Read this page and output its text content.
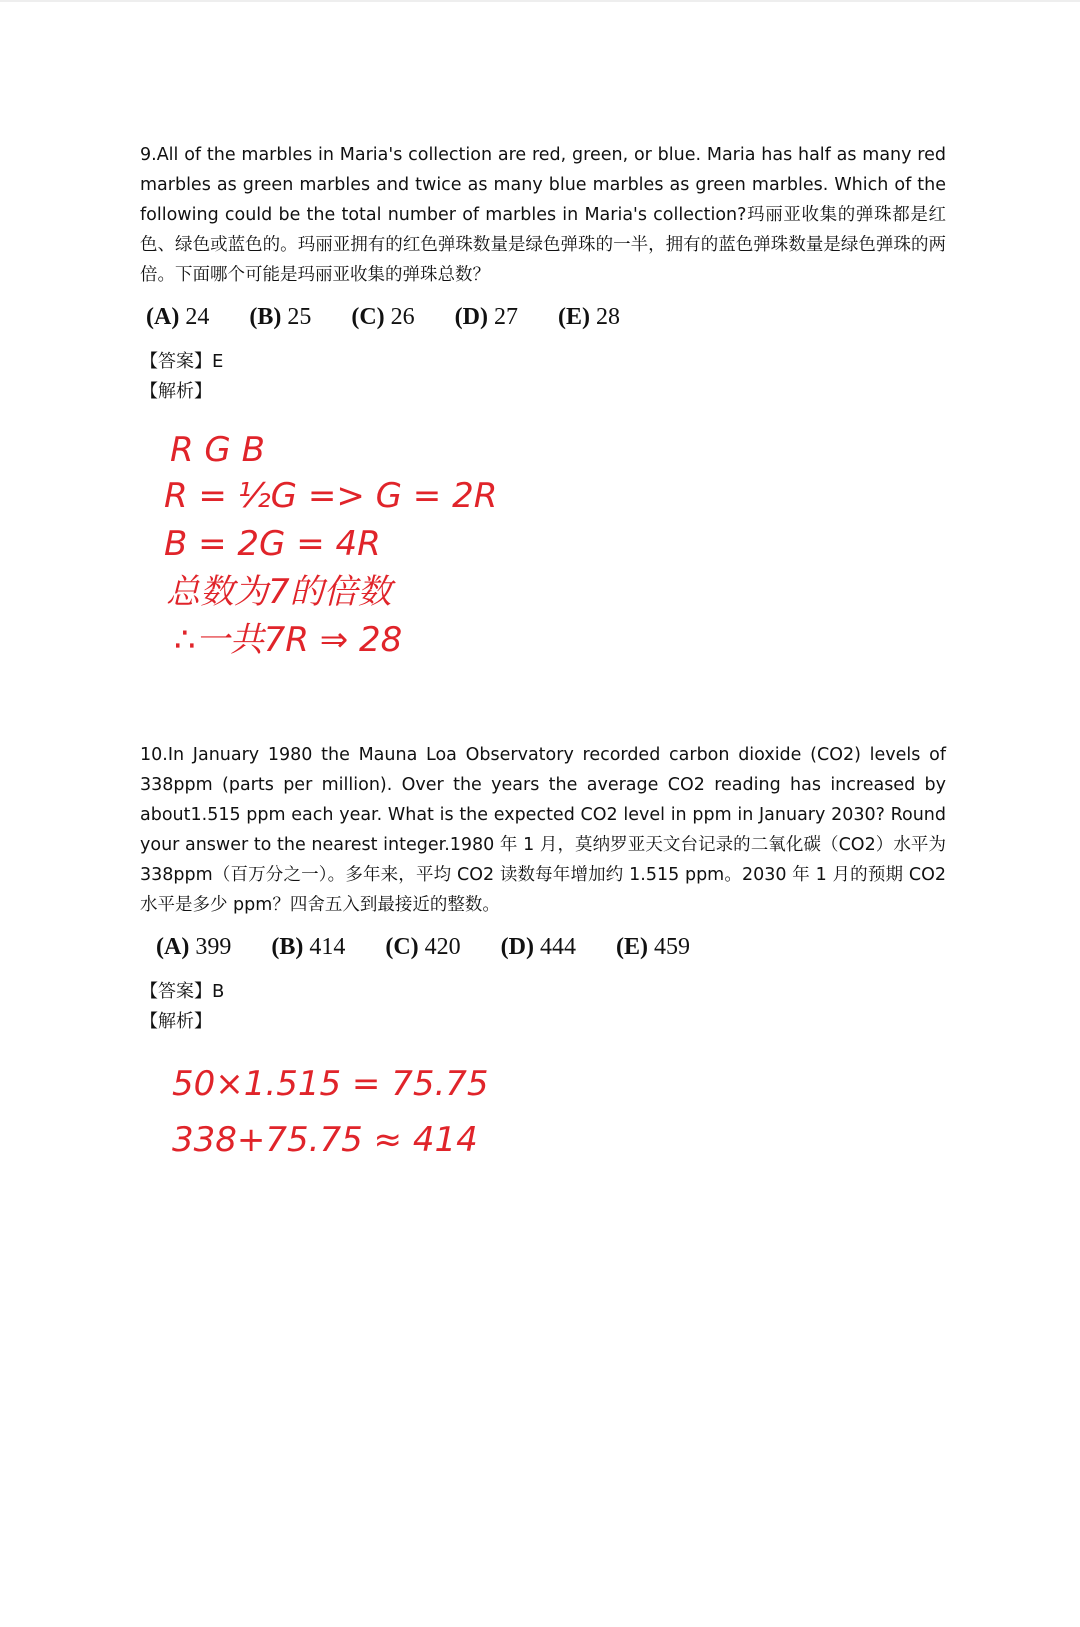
9.All of the marbles in Maria's collection are red, green, or blue. Maria has half as many red marbles as green marbles and twice as many blue marbles as green marbles. Which of the following could be the total number of marbles in Maria's collection?玛丽亚收集的弹珠都是红色、绿色或蓝色的。玛丽亚拥有的红色弹珠数量是绿色弹珠的一半，拥有的蓝色弹珠数量是绿色弹珠的两倍。下面哪个可能是玛丽亚收集的弹珠总数？

(A) 24 (B) 25 (C) 26 (D) 27 (E) 28
【答案】E
【解析】
R G B
R = ½G => G = 2R
B = 2G = 4R
总数为7的倍数
∴一共7R ⇒ 28

10.In January 1980 the Mauna Loa Observatory recorded carbon dioxide (CO2) levels of 338ppm (parts per million). Over the years the average CO2 reading has increased by about1.515 ppm each year. What is the expected CO2 level in ppm in January 2030? Round your answer to the nearest integer.1980 年 1 月，莫纳罗亚天文台记录的二氧化碳（CO2）水平为 338ppm（百万分之一）。多年来，平均 CO2 读数每年增加约 1.515 ppm。2030 年 1 月的预期 CO2 水平是多少 ppm？四舍五入到最接近的整数。

(A) 399 (B) 414 (C) 420 (D) 444 (E) 459
【答案】B
【解析】
50×1.515 = 75.75
338+75.75 ≈ 414
